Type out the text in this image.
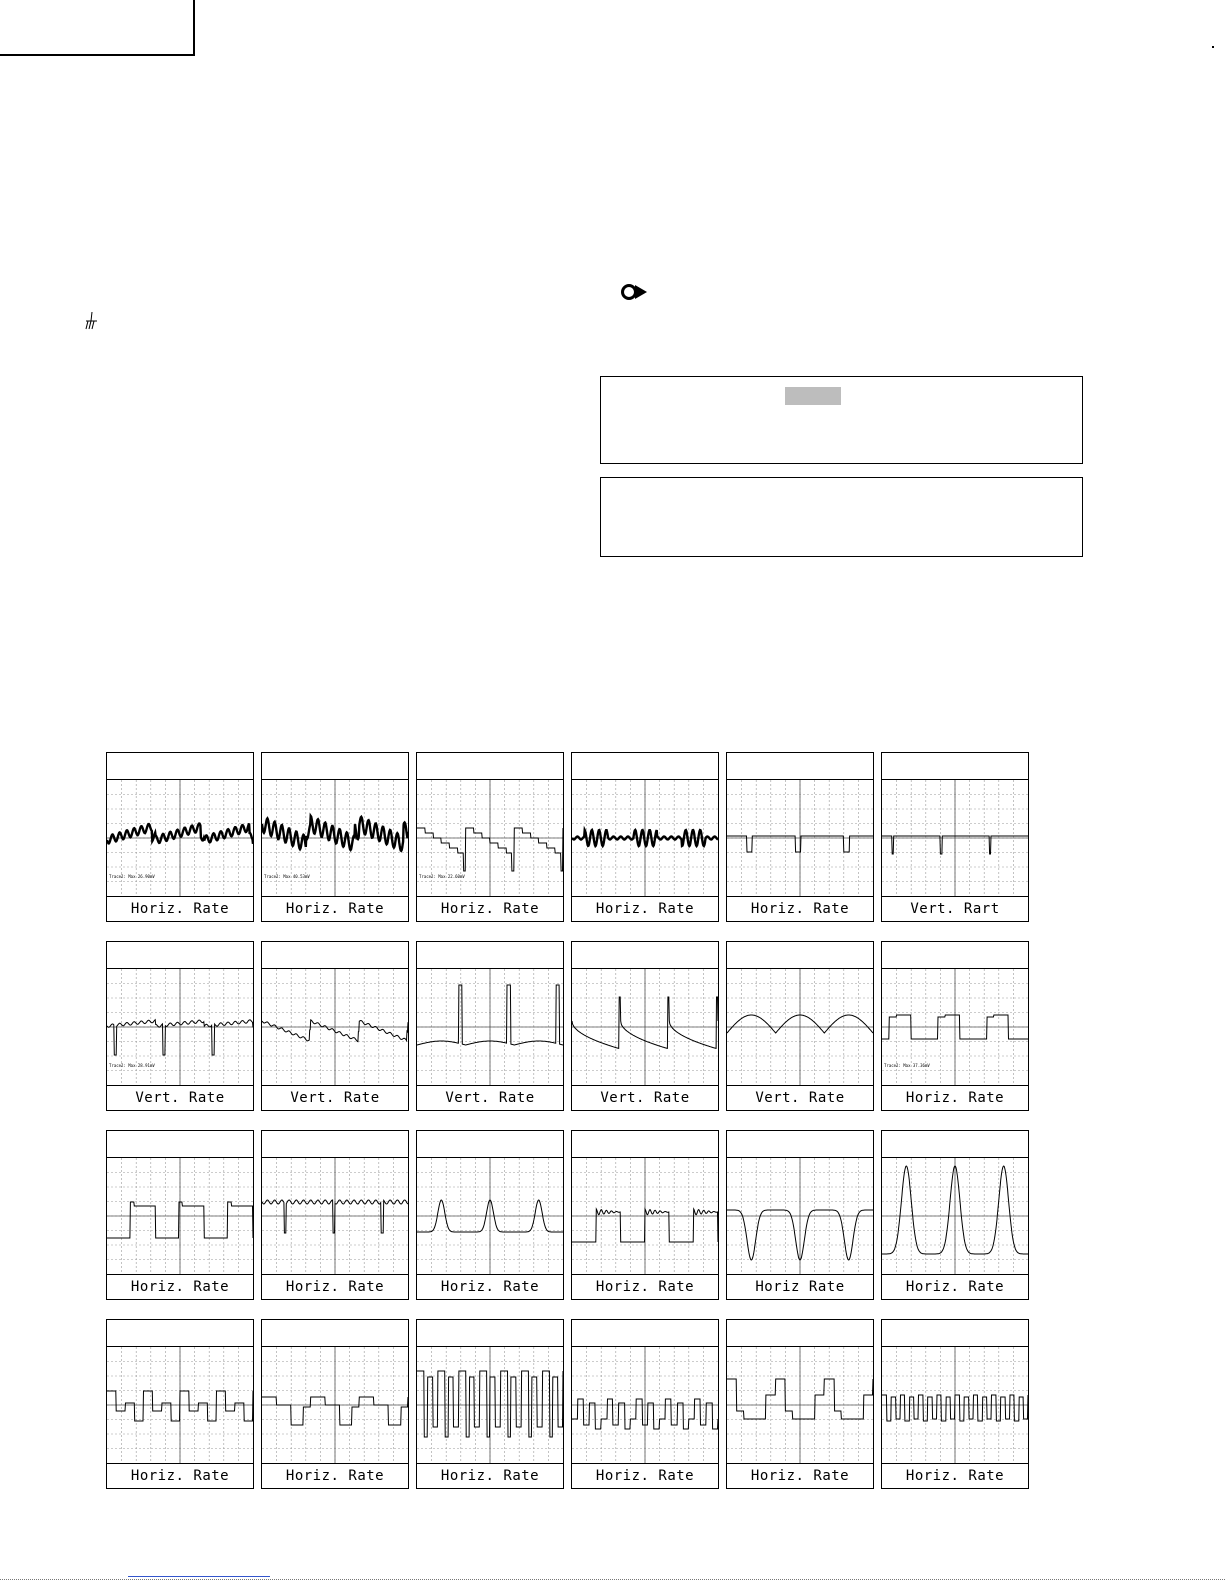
Trace2: Max 26.90mV
Horiz. Rate
Trace2: Max 40.53mV
Horiz. Rate
Trace2: Max 22.60mV
Horiz. Rate	Horiz. Rate	Horiz. Rate	Vert. Rart
Trace2: Max 28.91mV
Vert. Rate	Vert. Rate	Vert. Rate	Vert. Rate	Vert. Rate
Trace2: Max 37.36mV
Horiz. Rate
Horiz. Rate	Horiz. Rate	Horiz. Rate	Horiz. Rate	Horiz Rate	Horiz. Rate
Horiz. Rate	Horiz. Rate	Horiz. Rate	Horiz. Rate	Horiz. Rate	Horiz. Rate
